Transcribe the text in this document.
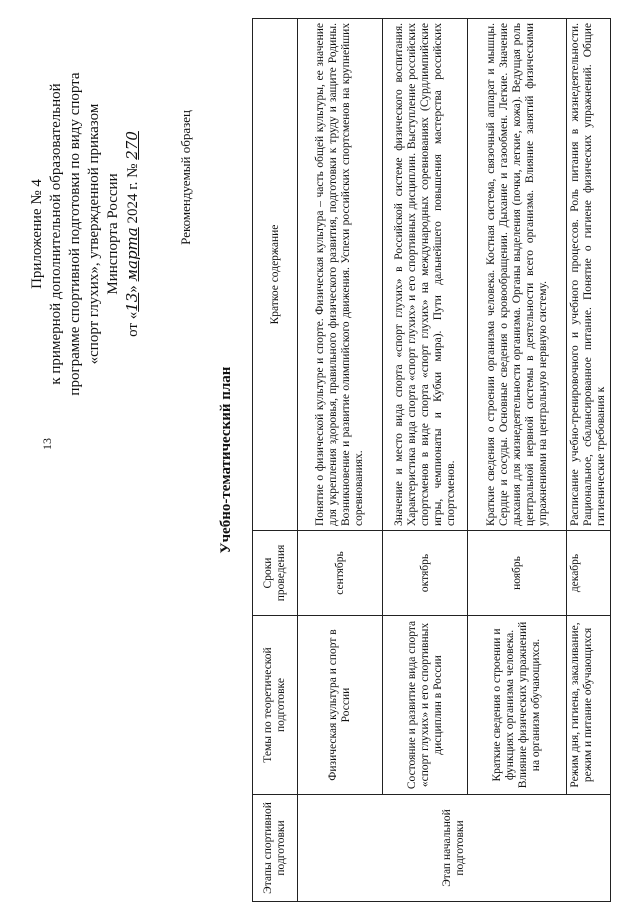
13
Приложение № 4 к примерной дополнительной образовательной программе спортивной подготовки по виду спорта «спорт глухих», утвержденной приказом Минспорта России
от «13» марта 2024 г. № 270	Рекомендуемый образец
Учебно-тематический план
Этапы спортивной подготовки	Темы по теоретической подготовке	Сроки проведения	Краткое содержание
Этап начальной подготовки	Физическая культура и спорт в России	сентябрь	Понятие о физической культуре и спорте. Физическая культура – часть общей культуры, ее значение для укрепления здоровья, правильного физического развития, подготовки к труду и защите Родины. Возникновение и развитие олимпийского движения. Успехи российских спортсменов на крупнейших соревнованиях.
	Состояние и развитие вида спорта «спорт глухих» и его спортивных дисциплин в России	октябрь	Значение и место вида спорта «спорт глухих» в Российской системе физического воспитания. Характеристика вида спорта «спорт глухих» и его спортивных дисциплин. Выступление российских спортсменов в виде спорта «спорт глухих» на международных соревнованиях (Сурдлимпийские игры, чемпионаты и Кубки мира). Пути дальнейшего повышения мастерства российских спортсменов.
	Краткие сведения о строении и функциях организма человека. Влияние физических упражнений на организм обучающихся.	ноябрь	Краткие сведения о строении организма человека. Костная система, связочный аппарат и мышцы. Сердце и сосуды. Основные сведения о кровообращении. Дыхание и газообмен. Легкие. Значение дыхания для жизнедеятельности организма. Органы выделения (почки, легкие, кожа). Ведущая роль центральной нервной системы в деятельности всего организма. Влияние занятий физическими упражнениями на центральную нервную систему.
	Режим дня, гигиена, закаливание, режим и питание обучающихся	декабрь	Расписание учебно-тренировочного и учебного процессов. Роль питания в жизнедеятельности. Рациональное, сбалансированное питание. Понятие о гигиене физических упражнений. Общие гигиенические требования к
